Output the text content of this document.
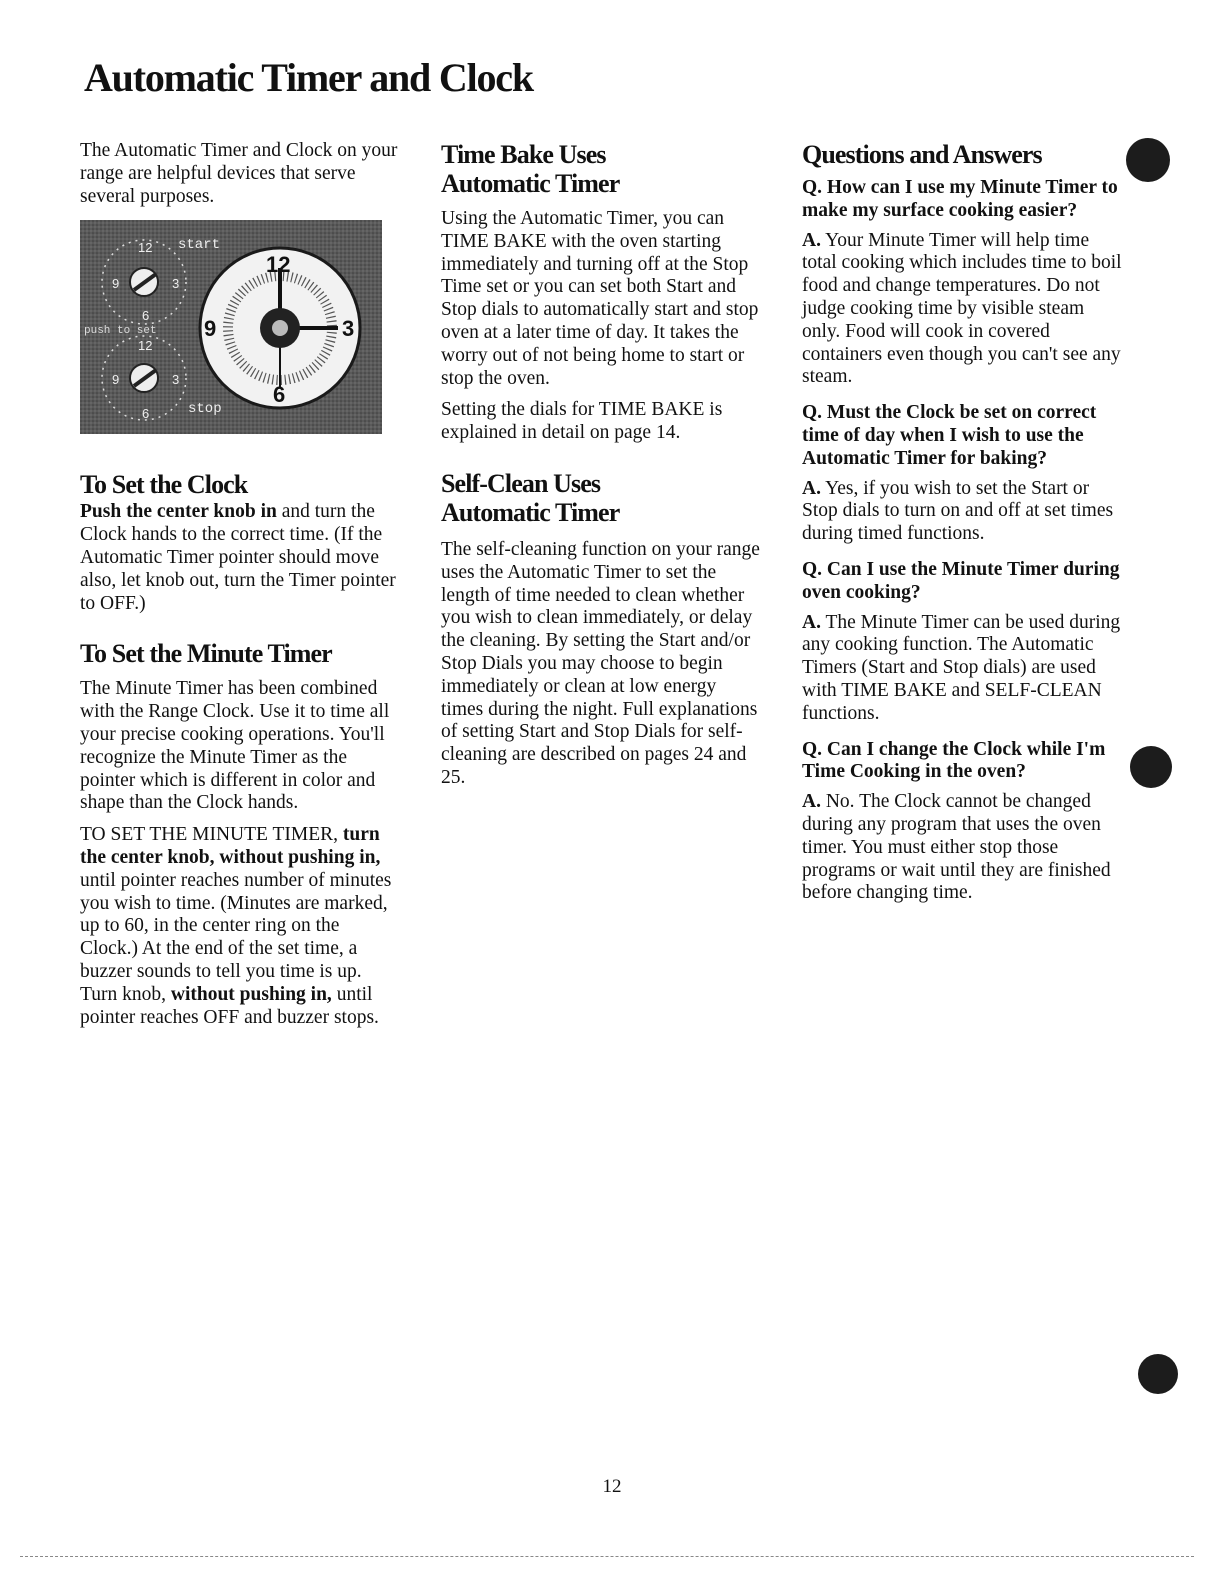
Automatic Timer and Clock

The Automatic Timer and Clock on your range are helpful devices that serve several purposes.

12
9	3
6
start
12
9	3
6	stop
push to set
12
3
9
6
To Set the Clock

Push the center knob in and turn the Clock hands to the correct time. (If the Automatic Timer pointer should move also, let knob out, turn the Timer pointer to OFF.)

To Set the Minute Timer

The Minute Timer has been combined with the Range Clock. Use it to time all your precise cooking operations. You'll recognize the Minute Timer as the pointer which is different in color and shape than the Clock hands.

TO SET THE MINUTE TIMER, turn the center knob, without pushing in, until pointer reaches number of minutes you wish to time. (Minutes are marked, up to 60, in the center ring on the Clock.) At the end of the set time, a buzzer sounds to tell you time is up. Turn knob, without pushing in, until pointer reaches OFF and buzzer stops.

Time Bake Uses
Automatic Timer

Using the Automatic Timer, you can TIME BAKE with the oven starting immediately and turning off at the Stop Time set or you can set both Start and Stop dials to automatically start and stop oven at a later time of day. It takes the worry out of not being home to start or stop the oven.

Setting the dials for TIME BAKE is explained in detail on page 14.

Self-Clean Uses
Automatic Timer

The self-cleaning function on your range uses the Automatic Timer to set the length of time needed to clean whether you wish to clean immediately, or delay the cleaning. By setting the Start and/or Stop Dials you may choose to begin immediately or clean at low energy times during the night. Full explanations of setting Start and Stop Dials for self-cleaning are described on pages 24 and 25.

Questions and Answers
Q. How can I use my Minute Timer to make my surface cooking easier?

A. Your Minute Timer will help time total cooking which includes time to boil food and change temperatures. Do not judge cooking time by visible steam only. Food will cook in covered containers even though you can't see any steam.

Q. Must the Clock be set on correct time of day when I wish to use the Automatic Timer for baking?

A. Yes, if you wish to set the Start or Stop dials to turn on and off at set times during timed functions.

Q. Can I use the Minute Timer during oven cooking?

A. The Minute Timer can be used during any cooking function. The Automatic Timers (Start and Stop dials) are used with TIME BAKE and SELF-CLEAN functions.

Q. Can I change the Clock while I'm Time Cooking in the oven?

A. No. The Clock cannot be changed during any program that uses the oven timer. You must either stop those programs or wait until they are finished before changing time.

12
